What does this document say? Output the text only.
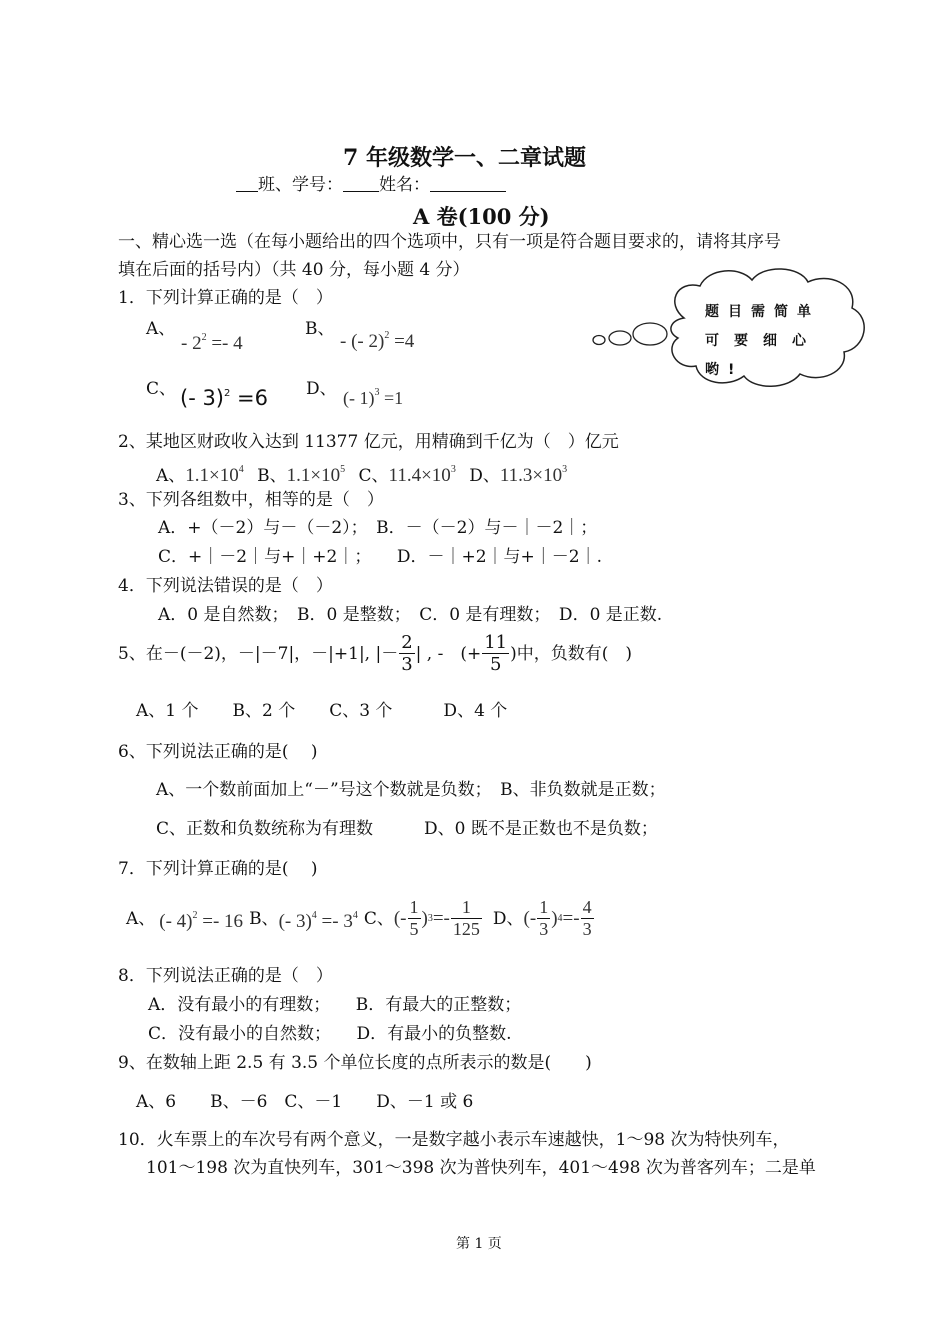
7 年级数学一、二章试题
班、学号： 姓名：
A 卷(100 分)
一、精心选一选（在每小题给出的四个选项中，只有一项是符合题目要求的，请将其序号
填在后面的括号内）（共 40 分，每小题 4 分）
题目需简单
可要细心
哟!
1．下列计算正确的是（　）
A、
- $2^2 =- 4$
B、
- (- 2)$^2$ =4
C、 (- 3)$^2$ =6 D、 (- 1)$^3$ =1
2、某地区财政收入达到 11377 亿元，用精确到千亿为（　）亿元
A、$1.1\times 10^4$ B、$1.1\times 10^5$ C、$11.4\times 10^3$ D、$11.3\times 10^3$
3、下列各组数中，相等的是（　）
A．+（－2）与－（－2）；　B．－（－2）与－｜－2｜；
C．+｜－2｜与+｜+2｜；　　D．－｜+2｜与+｜－2｜.
4．下列说法错误的是（　）
A．0 是自然数；　B．0 是整数；　C．0 是有理数；　D．0 是正数.
5、在－(－2)，－|－7|，－|+1|, |－ $\frac{2}{3}$ | , -　(+ $\frac{11}{5}$ )中，负数有(　)
A、1 个　　B、2 个　　C、3 个　　　D、4 个
6、下列说法正确的是(　 )
A、一个数前面加上“－”号这个数就是负数；　B、非负数就是正数；
C、正数和负数统称为有理数　　　D、0 既不是正数也不是负数；
7．下列计算正确的是(　 )
A、 (- 4)$^2$ =- 16 B、 (- $3)^4 =- 3^4$ C、 (- $\frac{1}{5}$ ) $3 =- \frac{1}{125}$ D、 (- $\frac{1}{3}$ ) $4 =- \frac{4}{3}$
8．下列说法正确的是（　）
A．没有最小的有理数；　　B．有最大的正整数；
C．没有最小的自然数；　　D．有最小的负整数.
9、在数轴上距 2.5 有 3.5 个单位长度的点所表示的数是(　　)
A、6　　B、－6　C、－1　　D、－1 或 6
10．火车票上的车次号有两个意义，一是数字越小表示车速越快，1～98 次为特快列车，
101～198 次为直快列车，301～398 次为普快列车，401～498 次为普客列车；二是单
第 1 页
